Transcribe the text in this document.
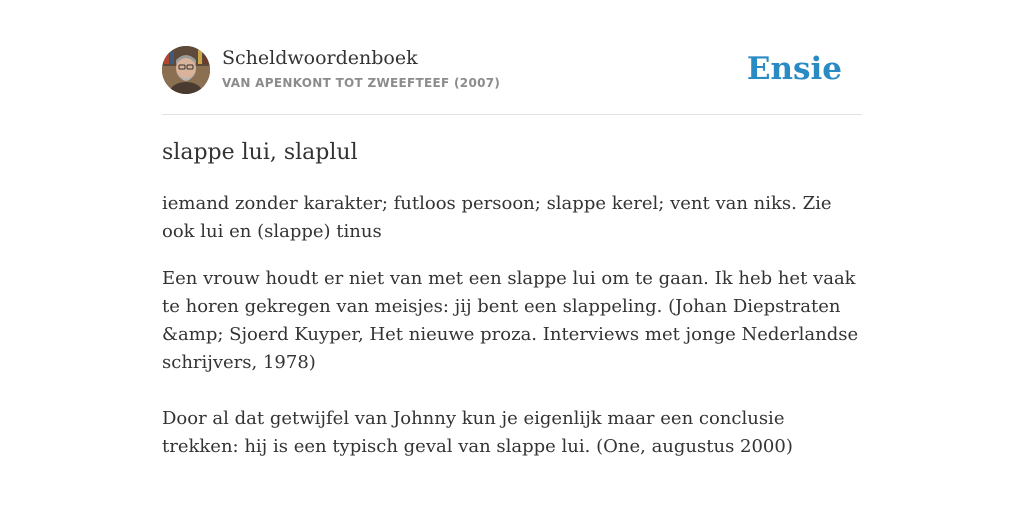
Scheldwoordenboek
VAN APENKONT TOT ZWEEFTEEF (2007)	Ensie
slappe lui, slaplul
iemand zonder karakter; futloos persoon; slappe kerel; vent van niks. Zie ook lui en (slappe) tinus
Een vrouw houdt er niet van met een slappe lui om te gaan. Ik heb het vaak te horen gekregen van meisjes: jij bent een slappeling. (Johan Diepstraten &amp; Sjoerd Kuyper, Het nieuwe proza. Interviews met jonge Nederlandse schrijvers, 1978)
Door al dat getwijfel van Johnny kun je eigenlijk maar een conclusie trekken: hij is een typisch geval van slappe lui. (One, augustus 2000)
